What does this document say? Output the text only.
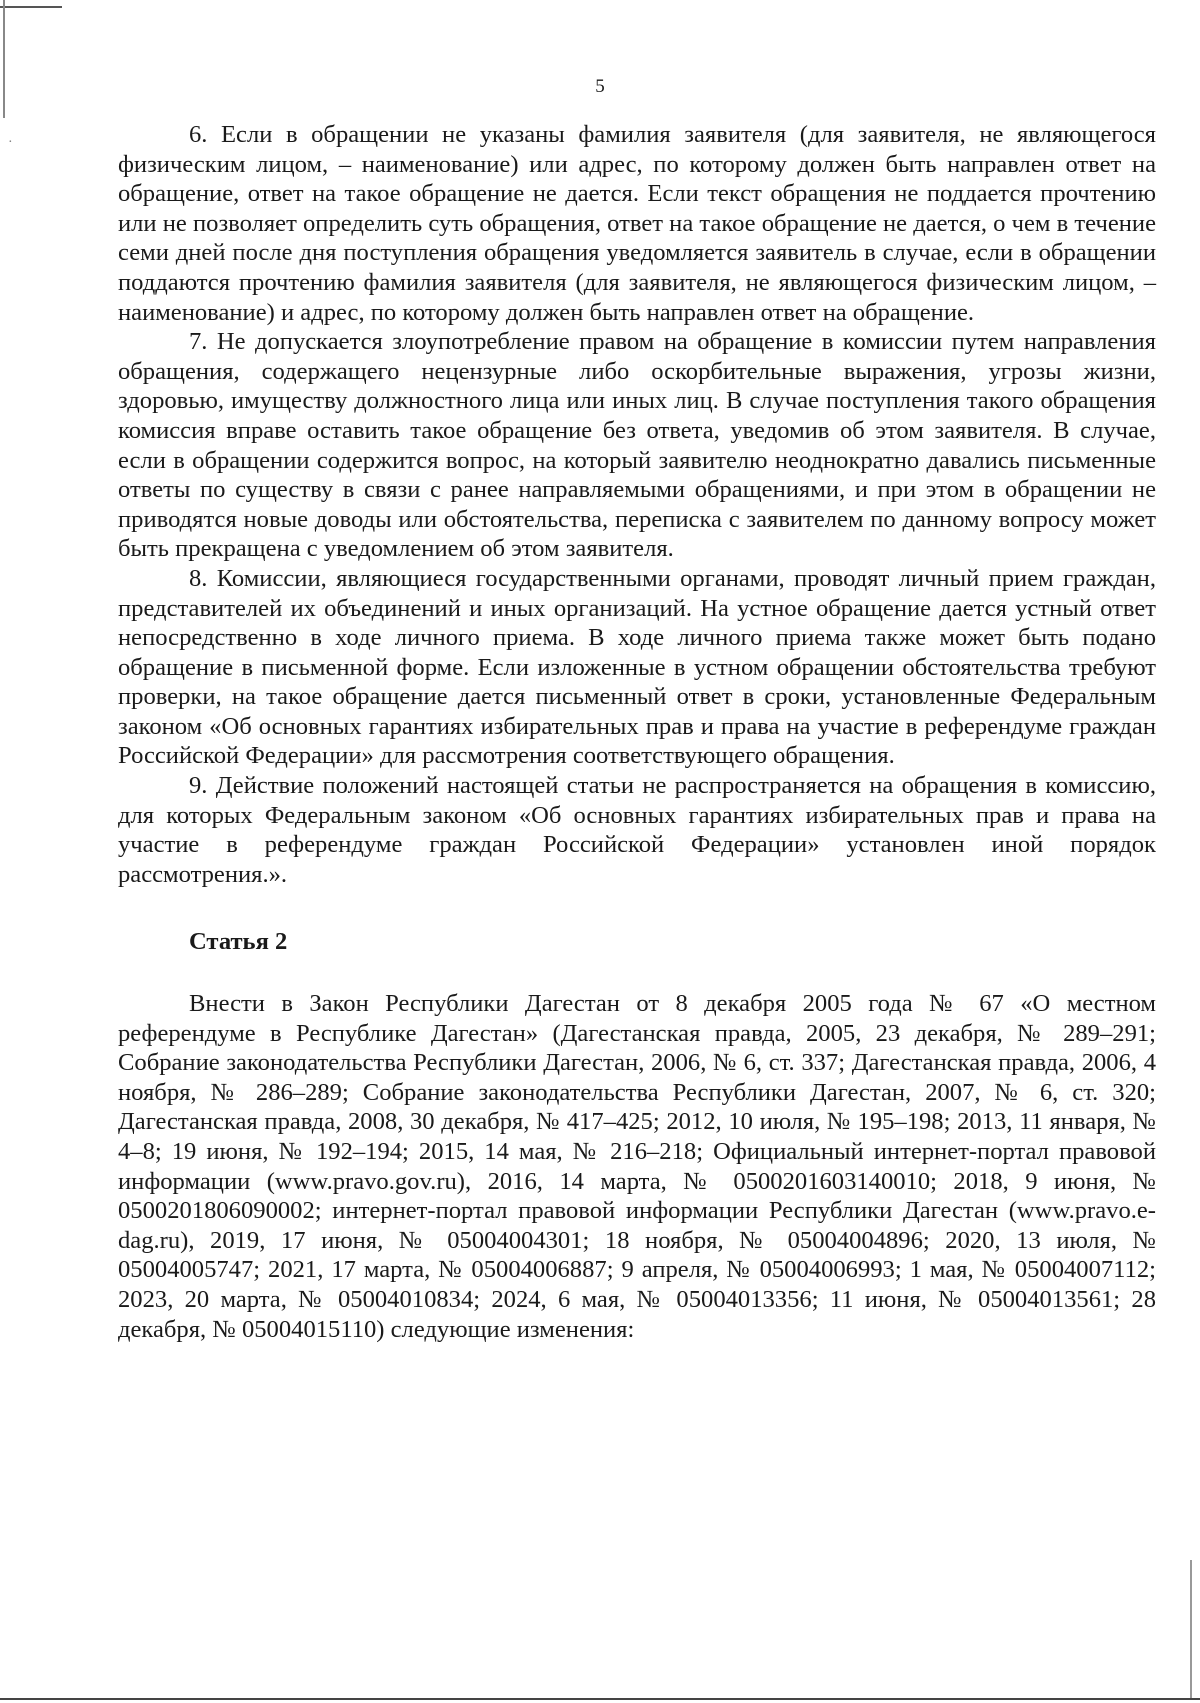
·
5

6. Если в обращении не указаны фамилия заявителя (для заявителя, не являющегося физическим лицом, – наименование) или адрес, по которому должен быть направлен ответ на обращение, ответ на такое обращение не дается. Если текст обращения не поддается прочтению или не позволяет определить суть обращения, ответ на такое обращение не дается, о чем в течение семи дней после дня поступления обращения уведомляется заявитель в случае, если в обращении поддаются прочтению фамилия заявителя (для заявителя, не являющегося физическим лицом, – наименование) и адрес, по которому должен быть направлен ответ на обращение.

7. Не допускается злоупотребление правом на обращение в комиссии путем направления обращения, содержащего нецензурные либо оскорбительные выражения, угрозы жизни, здоровью, имуществу должностного лица или иных лиц. В случае поступления такого обращения комиссия вправе оставить такое обращение без ответа, уведомив об этом заявителя. В случае, если в обращении содержится вопрос, на который заявителю неоднократно давались письменные ответы по существу в связи с ранее направляемыми обращениями, и при этом в обращении не приводятся новые доводы или обстоятельства, переписка с заявителем по данному вопросу может быть прекращена с уведомлением об этом заявителя.

8. Комиссии, являющиеся государственными органами, проводят личный прием граждан, представителей их объединений и иных организаций. На устное обращение дается устный ответ непосредственно в ходе личного приема. В ходе личного приема также может быть подано обращение в письменной форме. Если изложенные в устном обращении обстоятельства требуют проверки, на такое обращение дается письменный ответ в сроки, установленные Федеральным законом «Об основных гарантиях избирательных прав и права на участие в референдуме граждан Российской Федерации» для рассмотрения соответствующего обращения.

9. Действие положений настоящей статьи не распространяется на обращения в комиссию, для которых Федеральным законом «Об основных гарантиях избирательных прав и права на участие в референдуме граждан Российской Федерации» установлен иной порядок рассмотрения.».

Статья 2

Внести в Закон Республики Дагестан от 8 декабря 2005 года № 67 «О местном референдуме в Республике Дагестан» (Дагестанская правда, 2005, 23 декабря, № 289–291; Собрание законодательства Республики Дагестан, 2006, № 6, ст. 337; Дагестанская правда, 2006, 4 ноября, № 286–289; Собрание законодательства Республики Дагестан, 2007, № 6, ст. 320; Дагестанская правда, 2008, 30 декабря, № 417–425; 2012, 10 июля, № 195–198; 2013, 11 января, № 4–8; 19 июня, № 192–194; 2015, 14 мая, № 216–218; Официальный интернет-портал правовой информации (www.pravo.gov.ru), 2016, 14 марта, № 0500201603140010; 2018, 9 июня, № 0500201806090002; интернет-портал правовой информации Республики Дагестан (www.pravo.e-dag.ru), 2019, 17 июня, № 05004004301; 18 ноября, № 05004004896; 2020, 13 июля, № 05004005747; 2021, 17 марта, № 05004006887; 9 апреля, № 05004006993; 1 мая, № 05004007112; 2023, 20 марта, № 05004010834; 2024, 6 мая, № 05004013356; 11 июня, № 05004013561; 28 декабря, № 05004015110) следующие изменения:
